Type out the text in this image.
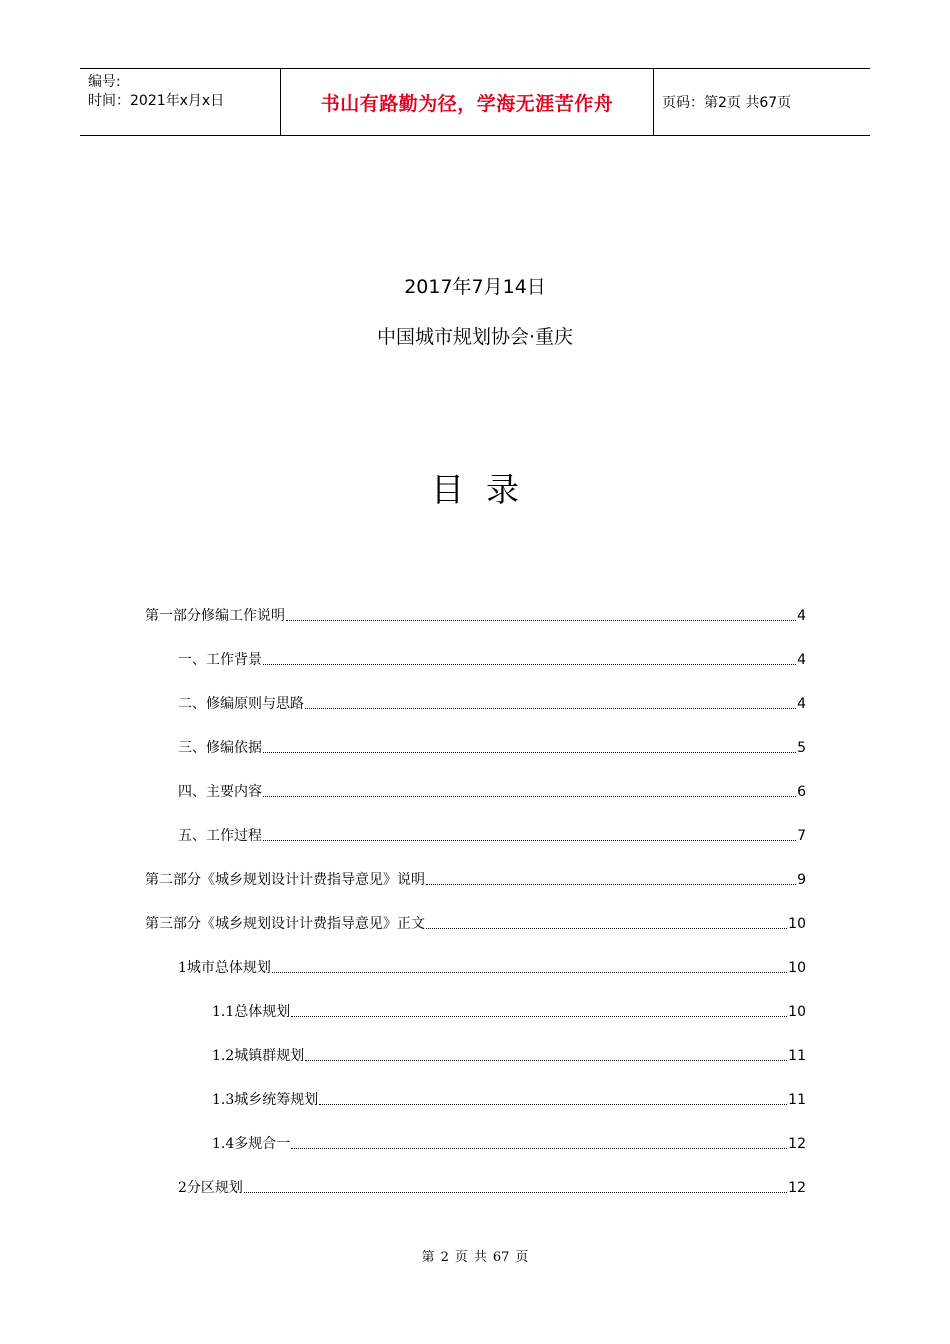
编号:
时间：2021年x月x日	书山有路勤为径，学海无涯苦作舟	页码：第2页 共67页
2017年7月14日
中国城市规划协会·重庆
目录
第一部分修编工作说明	4
一、工作背景	4
二、修编原则与思路	4
三、修编依据	5
四、主要内容	6
五、工作过程	7
第二部分《城乡规划设计计费指导意见》说明	9
第三部分《城乡规划设计计费指导意见》正文	10
1城市总体规划	10
1.1总体规划	10
1.2城镇群规划	11
1.3城乡统筹规划	11
1.4多规合一	12
2分区规划	12
第 2 页 共 67 页
